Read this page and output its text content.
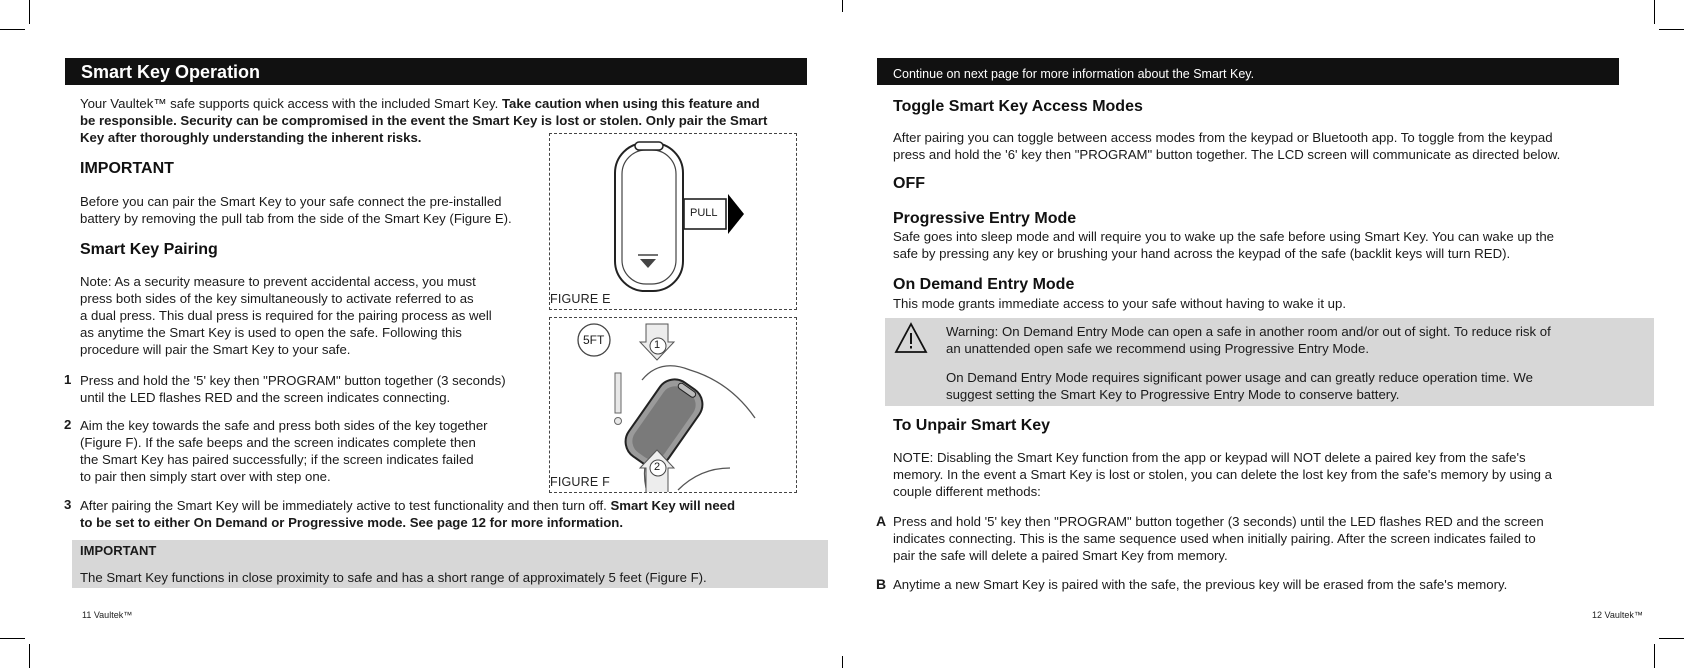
Smart Key Operation
Your Vaultek™ safe supports quick access with the included Smart Key. Take caution when using this feature and
be responsible. Security can be compromised in the event the Smart Key is lost or stolen. Only pair the Smart
Key after thoroughly understanding the inherent risks.
IMPORTANT
Before you can pair the Smart Key to your safe connect the pre-installed
battery by removing the pull tab from the side of the Smart Key (Figure E).
Smart Key Pairing
Note: As a security measure to prevent accidental access, you must
press both sides of the key simultaneously to activate referred to as
a dual press. This dual press is required for the pairing process as well
as anytime the Smart Key is used to open the safe. Following this
procedure will pair the Smart Key to your safe.
1 Press and hold the '5' key then "PROGRAM" button together (3 seconds)
until the LED flashes RED and the screen indicates connecting.
2 Aim the key towards the safe and press both sides of the key together
(Figure F). If the safe beeps and the screen indicates complete then
the Smart Key has paired successfully; if the screen indicates failed
to pair then simply start over with step one.
3 After pairing the Smart Key will be immediately active to test functionality and then turn off. Smart Key will need
to be set to either On Demand or Progressive mode. See page 12 for more information.
IMPORTANT
The Smart Key functions in close proximity to safe and has a short range of approximately 5 feet (Figure F).
11 Vaultek™
PULL
FIGURE E
5FT	1
2
FIGURE F
Continue on next page for more information about the Smart Key.
Toggle Smart Key Access Modes
After pairing you can toggle between access modes from the keypad or Bluetooth app. To toggle from the keypad
press and hold the '6' key then "PROGRAM" button together. The LCD screen will communicate as directed below.
OFF
Progressive Entry Mode
Safe goes into sleep mode and will require you to wake up the safe before using Smart Key. You can wake up the
safe by pressing any key or brushing your hand across the keypad of the safe (backlit keys will turn RED).
On Demand Entry Mode
This mode grants immediate access to your safe without having to wake it up.
Warning: On Demand Entry Mode can open a safe in another room and/or out of sight. To reduce risk of
an unattended open safe we recommend using Progressive Entry Mode.
On Demand Entry Mode requires significant power usage and can greatly reduce operation time. We
suggest setting the Smart Key to Progressive Entry Mode to conserve battery.
To Unpair Smart Key
NOTE: Disabling the Smart Key function from the app or keypad will NOT delete a paired key from the safe's
memory. In the event a Smart Key is lost or stolen, you can delete the lost key from the safe's memory by using a
couple different methods:
A Press and hold '5' key then "PROGRAM" button together (3 seconds) until the LED flashes RED and the screen
indicates connecting. This is the same sequence used when initially pairing. After the screen indicates failed to
pair the safe will delete a paired Smart Key from memory.
B Anytime a new Smart Key is paired with the safe, the previous key will be erased from the safe's memory.
12 Vaultek™
